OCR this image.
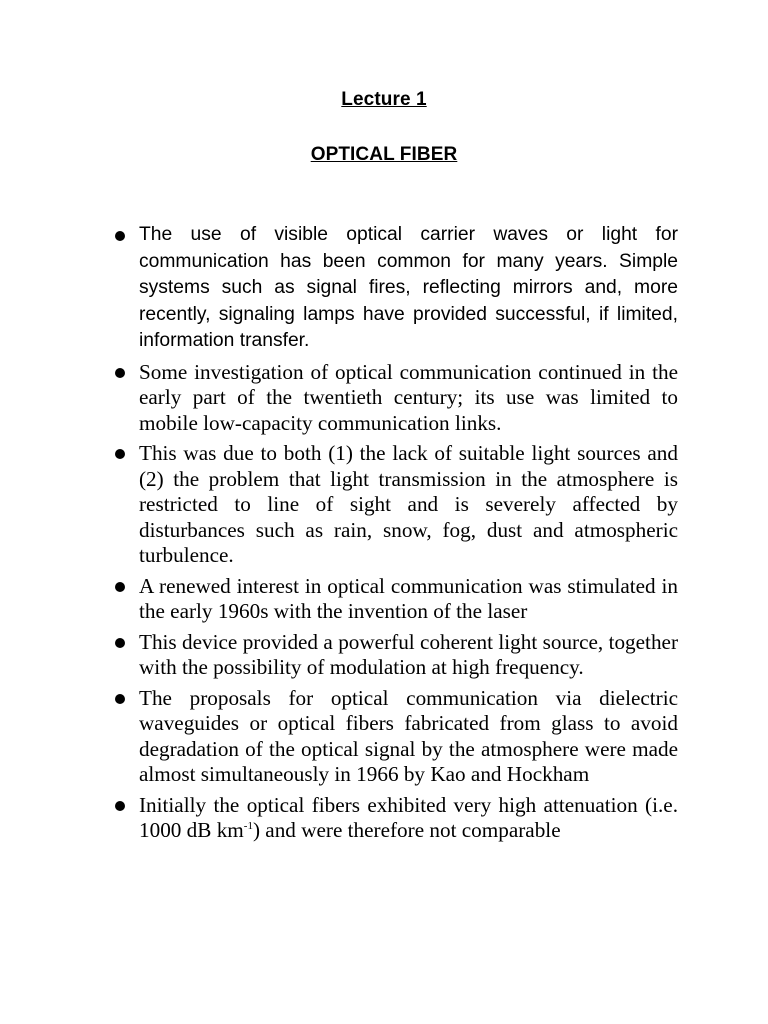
Lecture 1
OPTICAL FIBER
The use of visible optical carrier waves or light for communication has been common for many years. Simple systems such as signal fires, reflecting mirrors and, more recently, signaling lamps have provided successful, if limited, information transfer.
Some investigation of optical communication continued in the early part of the twentieth century; its use was limited to mobile low-capacity communication links.
This was due to both (1) the lack of suitable light sources and (2) the problem that light transmission in the atmosphere is restricted to line of sight and is severely affected by disturbances such as rain, snow, fog, dust and atmospheric turbulence.
A renewed interest in optical communication was stimulated in the early 1960s with the invention of the laser
This device provided a powerful coherent light source, together with the possibility of modulation at high frequency.
The proposals for optical communication via dielectric waveguides or optical fibers fabricated from glass to avoid degradation of the optical signal by the atmosphere were made almost simultaneously in 1966 by Kao and Hockham
Initially the optical fibers exhibited very high attenuation (i.e. 1000 dB $km^{-1}$) and were therefore not comparable
